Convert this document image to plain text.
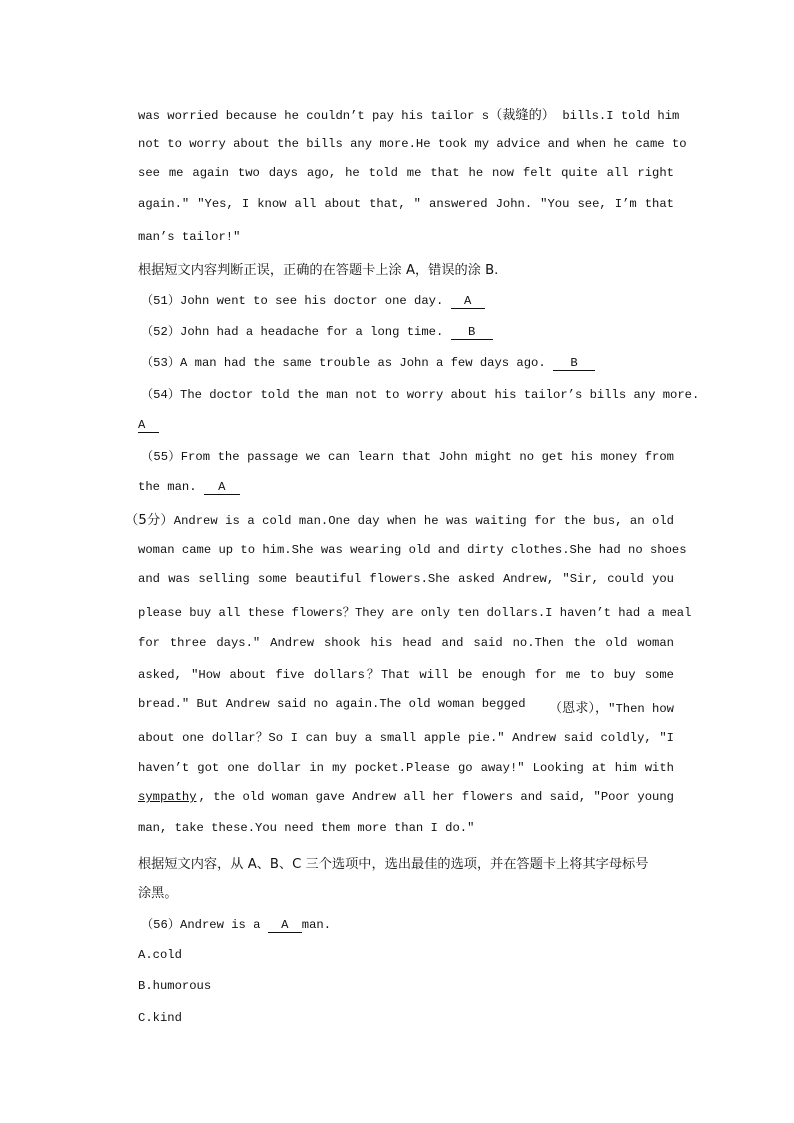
was worried because he couldn’t pay his tailor s（裁缝的） bills.I told him
not to worry about the bills any more.He took my advice and when he came to
see me again two days ago, he told me that he now felt quite all right
again.″ ″Yes, I know all about that, ″ answered John. ″You see, I’m that
man’s tailor!″
根据短文内容判断正误，正确的在答题卡上涂 A，错误的涂 B.
（51）John went to see his doctor one day. A
（52）John had a headache for a long time. B
（53）A man had the same trouble as John a few days ago. B
（54）The doctor told the man not to worry about his tailor’s bills any more.
A
（55）From the passage we can learn that John might no get his money from
the man. A
（5分）Andrew is a cold man.One day when he was waiting for the bus, an old
woman came up to him.She was wearing old and dirty clothes.She had no shoes
and was selling some beautiful flowers.She asked Andrew, ″Sir, could you
please buy all these flowers？They are only ten dollars.I haven’t had a meal
for three days.″ Andrew shook his head and said no.Then the old woman
asked, ″How about five dollars？That will be enough for me to buy some
bread.″ But Andrew said no again.The old woman begged （恩求），″Then how
about one dollar？So I can buy a small apple pie.″ Andrew said coldly, ″I
haven’t got one dollar in my pocket.Please go away!″ Looking at him with
sympathy , the old woman gave Andrew all her flowers and said, ″Poor young
man, take these.You need them more than I do.″
根据短文内容，从 A、B、C 三个选项中，选出最佳的选项，并在答题卡上将其字母标号
涂黑。
（56）Andrew is a A man.
A.cold
B.humorous
C.kind
